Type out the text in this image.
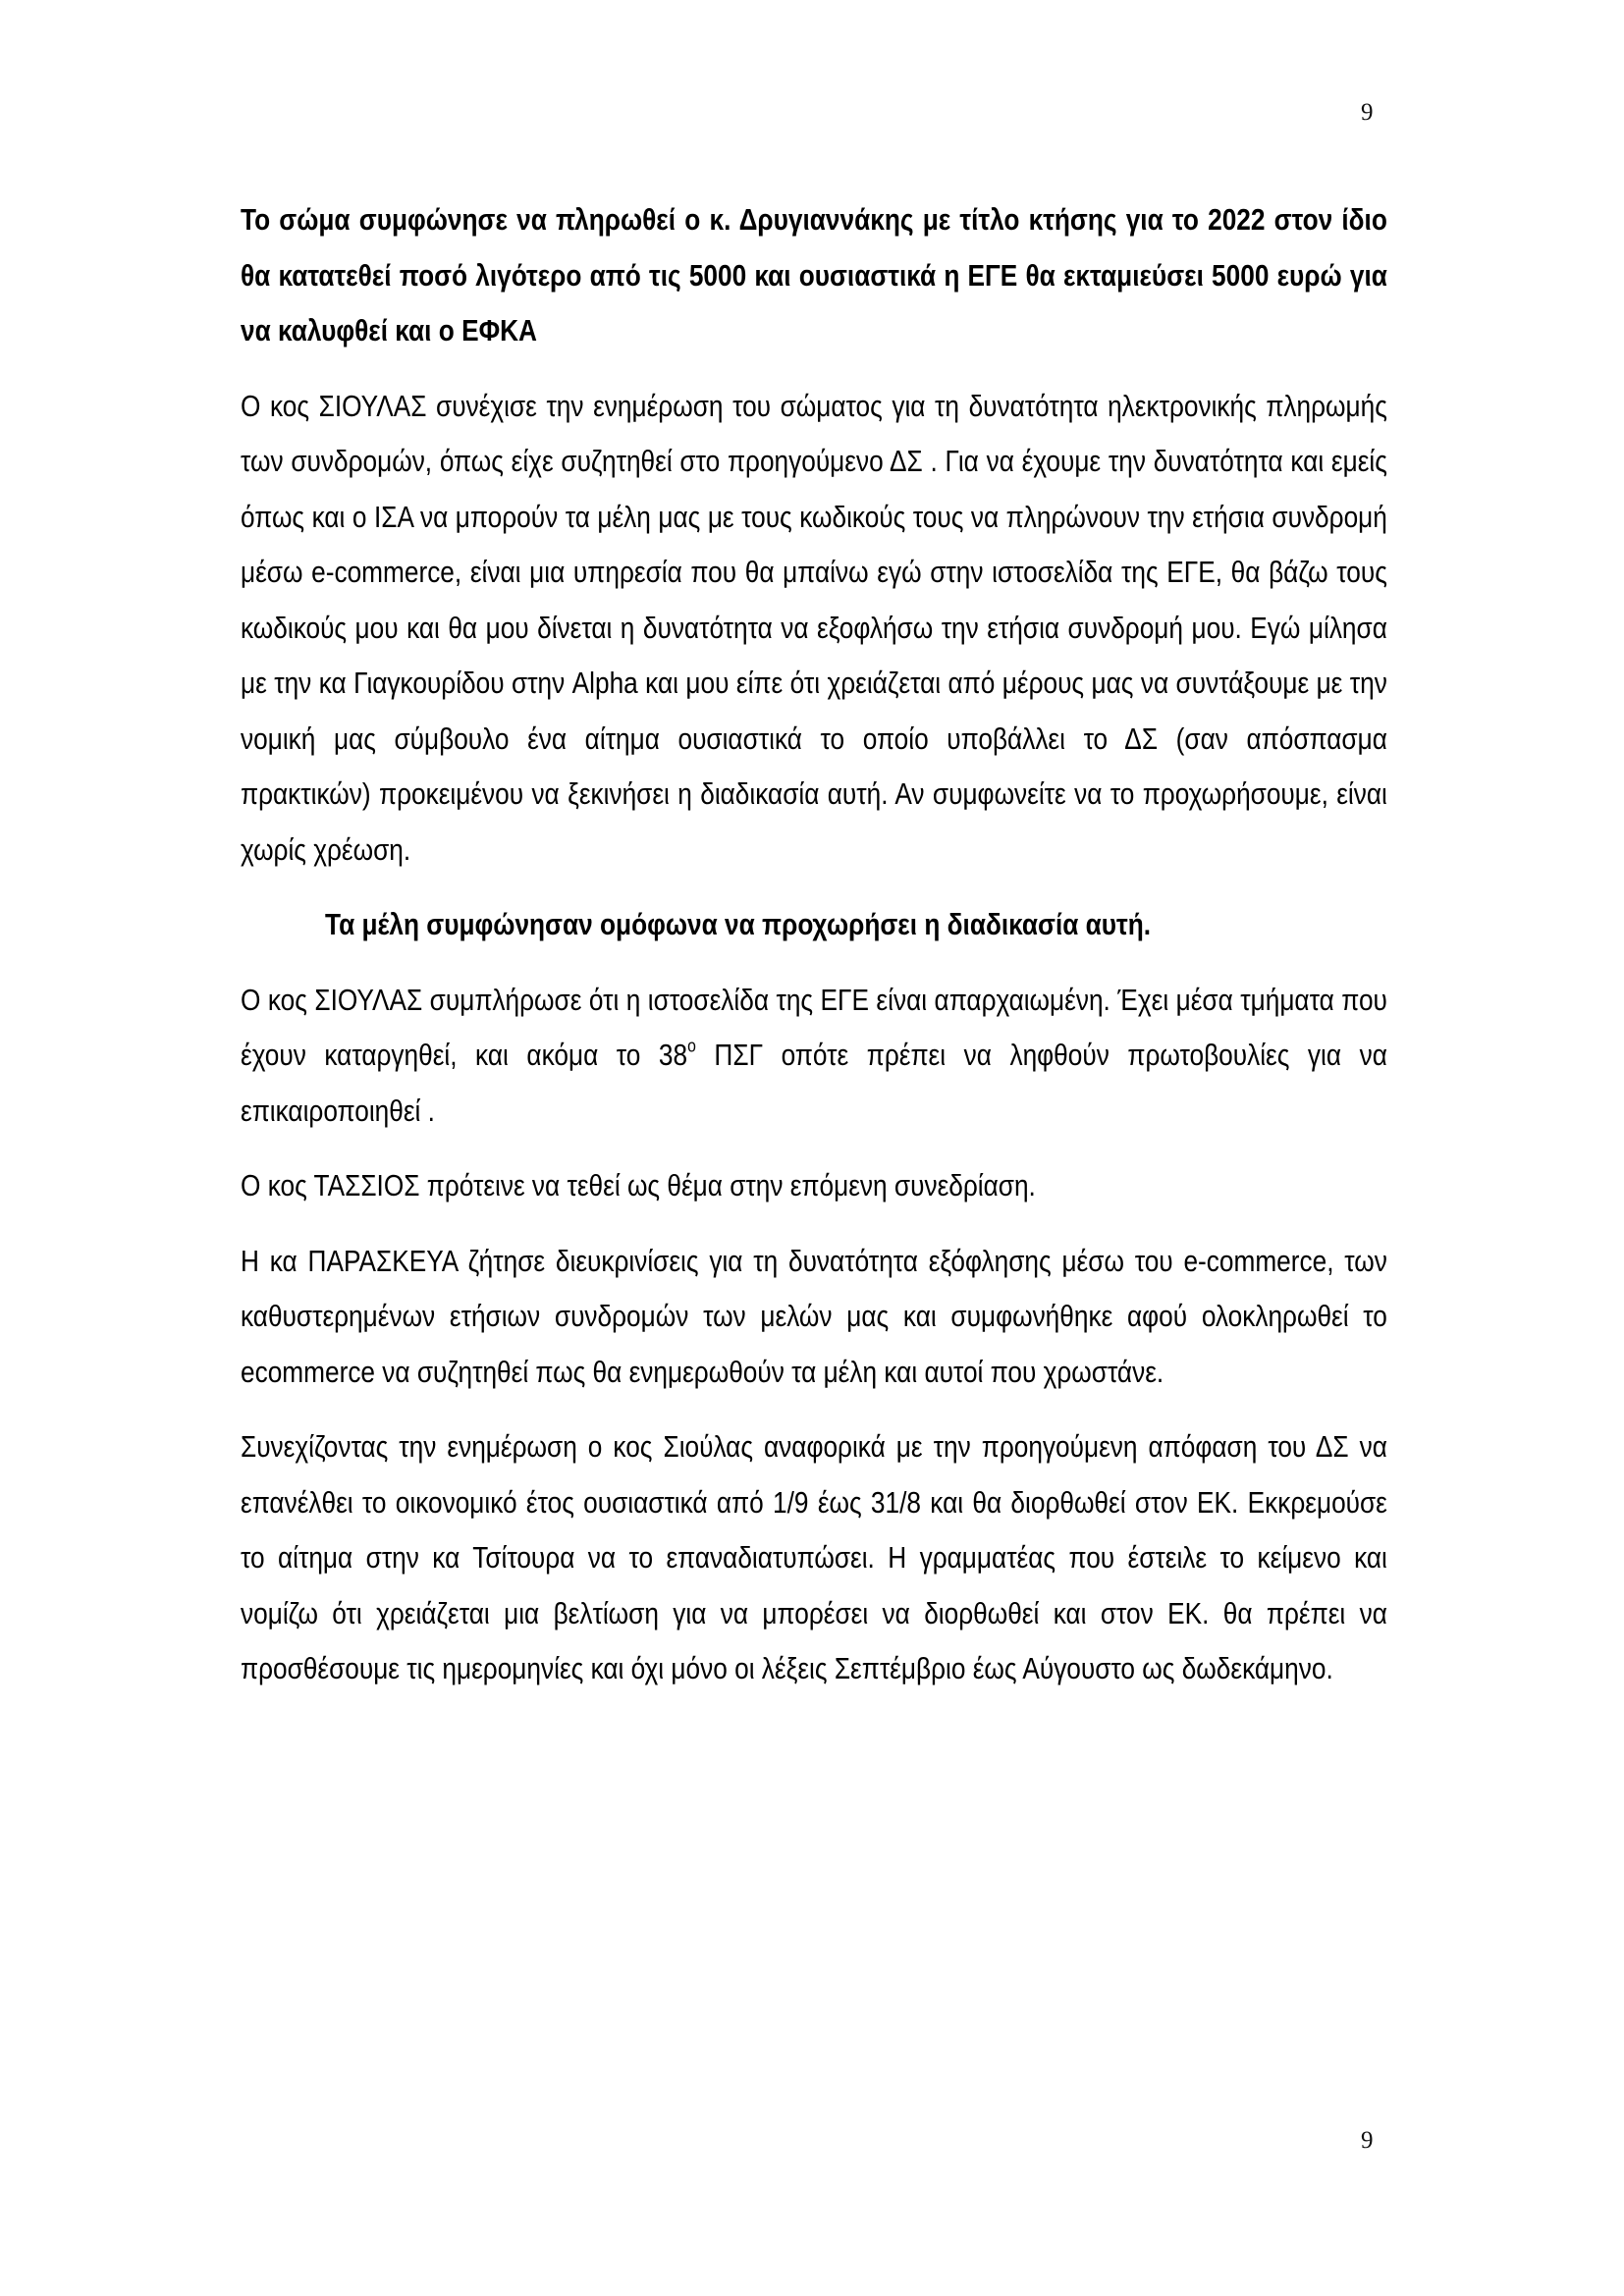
9

Το σώμα συμφώνησε να πληρωθεί ο κ. Δρυγιαννάκης με τίτλο κτήσης για το 2022 στον ίδιο θα κατατεθεί ποσό λιγότερο από τις 5000 και ουσιαστικά η ΕΓΕ θα εκταμιεύσει 5000 ευρώ για να καλυφθεί και ο ΕΦΚΑ

Ο κος ΣΙΟΥΛΑΣ συνέχισε την ενημέρωση του σώματος για τη δυνατότητα ηλεκτρονικής πληρωμής των συνδρομών, όπως είχε συζητηθεί στο προηγούμενο ΔΣ . Για να έχουμε την δυνατότητα και εμείς όπως και ο ΙΣΑ να μπορούν τα μέλη μας με τους κωδικούς τους να πληρώνουν την ετήσια συνδρομή μέσω e-commerce, είναι μια υπηρεσία που θα μπαίνω εγώ στην ιστοσελίδα της ΕΓΕ, θα βάζω τους κωδικούς μου και θα μου δίνεται η δυνατότητα να εξοφλήσω την ετήσια συνδρομή μου. Εγώ μίλησα με την κα Γιαγκουρίδου στην Alpha και μου είπε ότι χρειάζεται από μέρους μας να συντάξουμε με την νομική μας σύμβουλο ένα αίτημα ουσιαστικά το οποίο υποβάλλει το ΔΣ (σαν απόσπασμα πρακτικών) προκειμένου να ξεκινήσει η διαδικασία αυτή. Αν συμφωνείτε να το προχωρήσουμε, είναι χωρίς χρέωση.

Τα μέλη συμφώνησαν ομόφωνα να προχωρήσει η διαδικασία αυτή.

Ο κος ΣΙΟΥΛΑΣ συμπλήρωσε ότι η ιστοσελίδα της ΕΓΕ είναι απαρχαιωμένη. Έχει μέσα τμήματα που έχουν καταργηθεί, και ακόμα το $38^o$ ΠΣΓ οπότε πρέπει να ληφθούν πρωτοβουλίες για να επικαιροποιηθεί .

Ο κος ΤΑΣΣΙΟΣ πρότεινε να τεθεί ως θέμα στην επόμενη συνεδρίαση.

Η κα ΠΑΡΑΣΚΕΥΑ ζήτησε διευκρινίσεις για τη δυνατότητα εξόφλησης μέσω του e-commerce, των καθυστερημένων ετήσιων συνδρομών των μελών μας και συμφωνήθηκε αφού ολοκληρωθεί το ecommerce να συζητηθεί πως θα ενημερωθούν τα μέλη και αυτοί που χρωστάνε.

Συνεχίζοντας την ενημέρωση ο κος Σιούλας αναφορικά με την προηγούμενη απόφαση του ΔΣ να επανέλθει το οικονομικό έτος ουσιαστικά από 1/9 έως 31/8 και θα διορθωθεί στον ΕΚ. Εκκρεμούσε το αίτημα στην κα Τσίτουρα να το επαναδιατυπώσει. Η γραμματέας που έστειλε το κείμενο και νομίζω ότι χρειάζεται μια βελτίωση για να μπορέσει να διορθωθεί και στον ΕΚ. θα πρέπει να προσθέσουμε τις ημερομηνίες και όχι μόνο οι λέξεις Σεπτέμβριο έως Αύγουστο ως δωδεκάμηνο.

9
